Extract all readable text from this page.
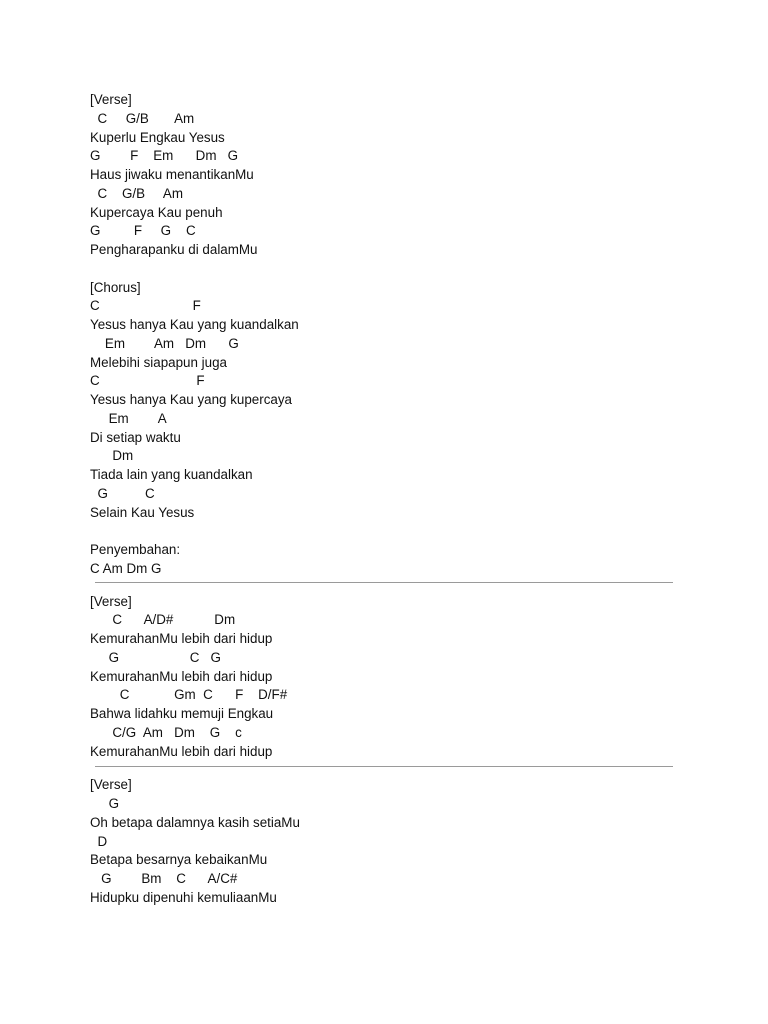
[Verse]
C     G/B       Am
Kuperlu Engkau Yesus
G        F    Em      Dm   G
Haus jiwaku menantikanMu
C    G/B     Am
Kupercaya Kau penuh
G         F     G    C
Pengharapanku di dalamMu
[Chorus]
C                         F
Yesus hanya Kau yang kuandalkan
Em        Am   Dm      G
Melebihi siapapun juga
C                          F
Yesus hanya Kau yang kupercaya
Em        A
Di setiap waktu
Dm
Tiada lain yang kuandalkan
G          C
Selain Kau Yesus
Penyembahan:
C Am Dm G
[Verse]
C      A/D#           Dm
KemurahanMu lebih dari hidup
G                   C   G
KemurahanMu lebih dari hidup
C            Gm  C      F    D/F#
Bahwa lidahku memuji Engkau
C/G  Am   Dm    G    c
KemurahanMu lebih dari hidup
[Verse]
G
Oh betapa dalamnya kasih setiaMu
D
Betapa besarnya kebaikanMu
G        Bm    C      A/C#
Hidupku dipenuhi kemuliaanMu
